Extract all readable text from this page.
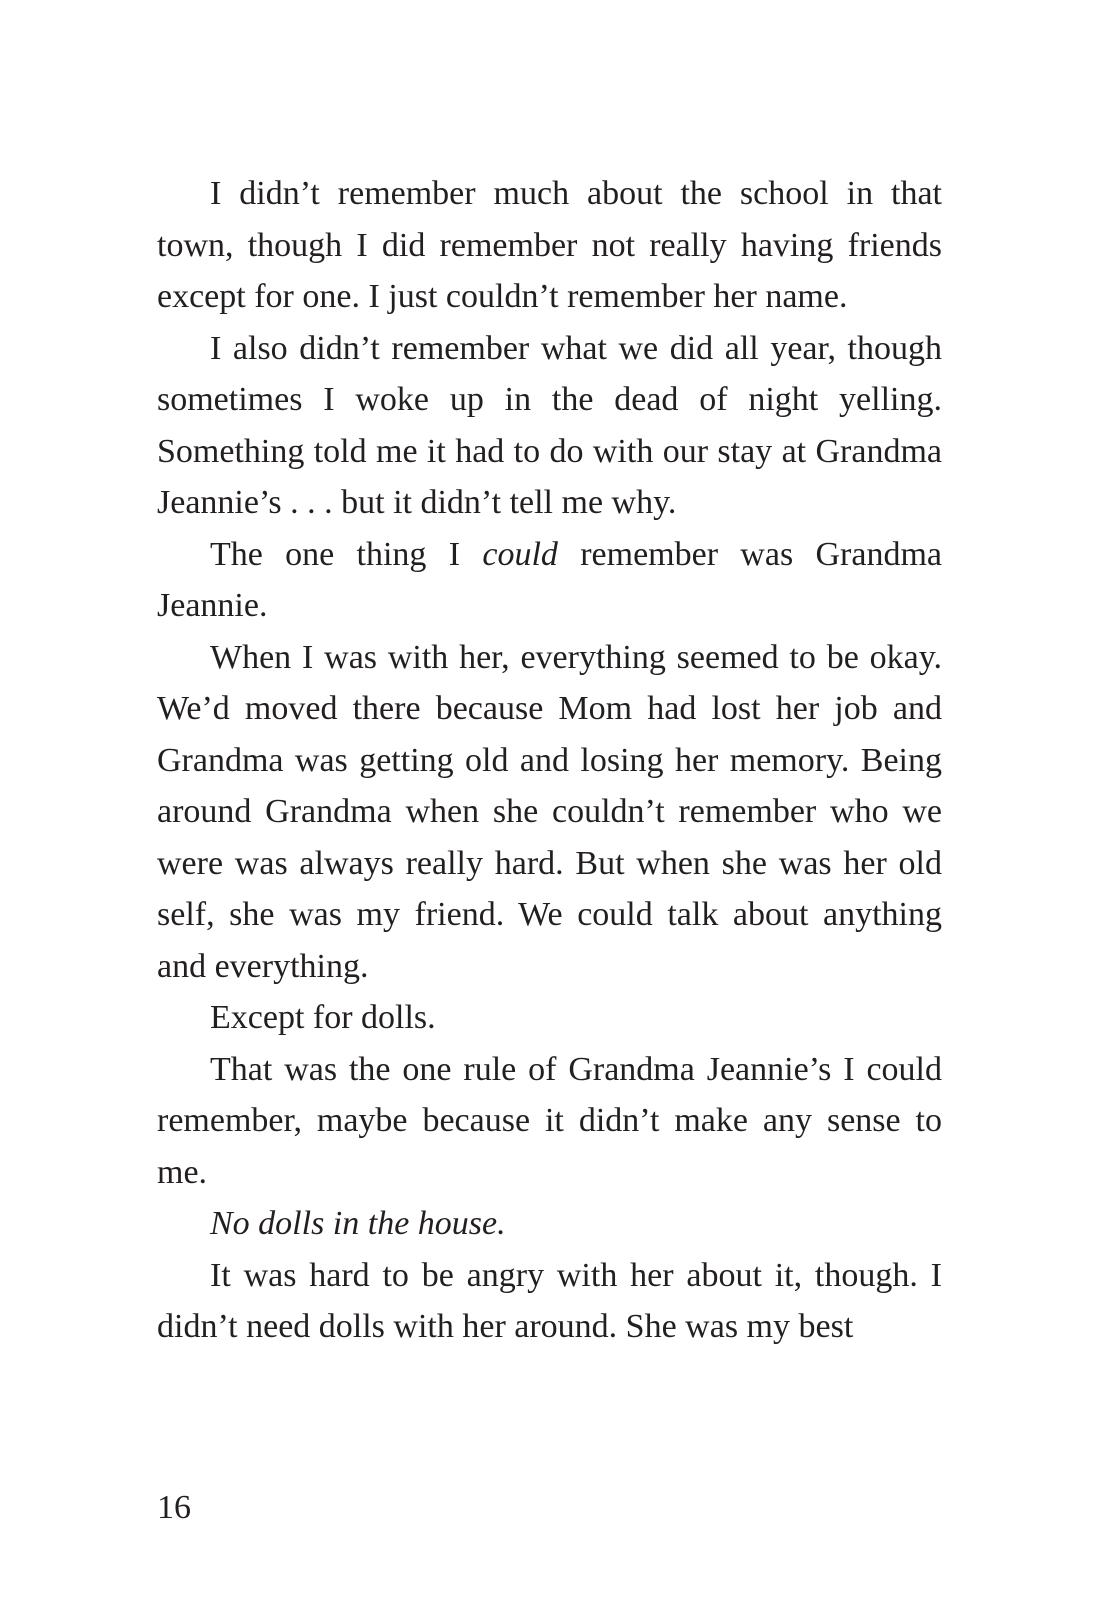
I didn’t remember much about the school in that town, though I did remember not really having friends except for one. I just couldn’t remember her name.

I also didn’t remember what we did all year, though sometimes I woke up in the dead of night yelling. Something told me it had to do with our stay at Grandma Jeannie’s . . . but it didn’t tell me why.

The one thing I could remember was Grandma Jeannie.

When I was with her, everything seemed to be okay. We’d moved there because Mom had lost her job and Grandma was getting old and losing her memory. Being around Grandma when she couldn’t remember who we were was always really hard. But when she was her old self, she was my friend. We could talk about anything and everything.

Except for dolls.

That was the one rule of Grandma Jeannie’s I could remember, maybe because it didn’t make any sense to me.

No dolls in the house.

It was hard to be angry with her about it, though. I didn’t need dolls with her around. She was my best

16
